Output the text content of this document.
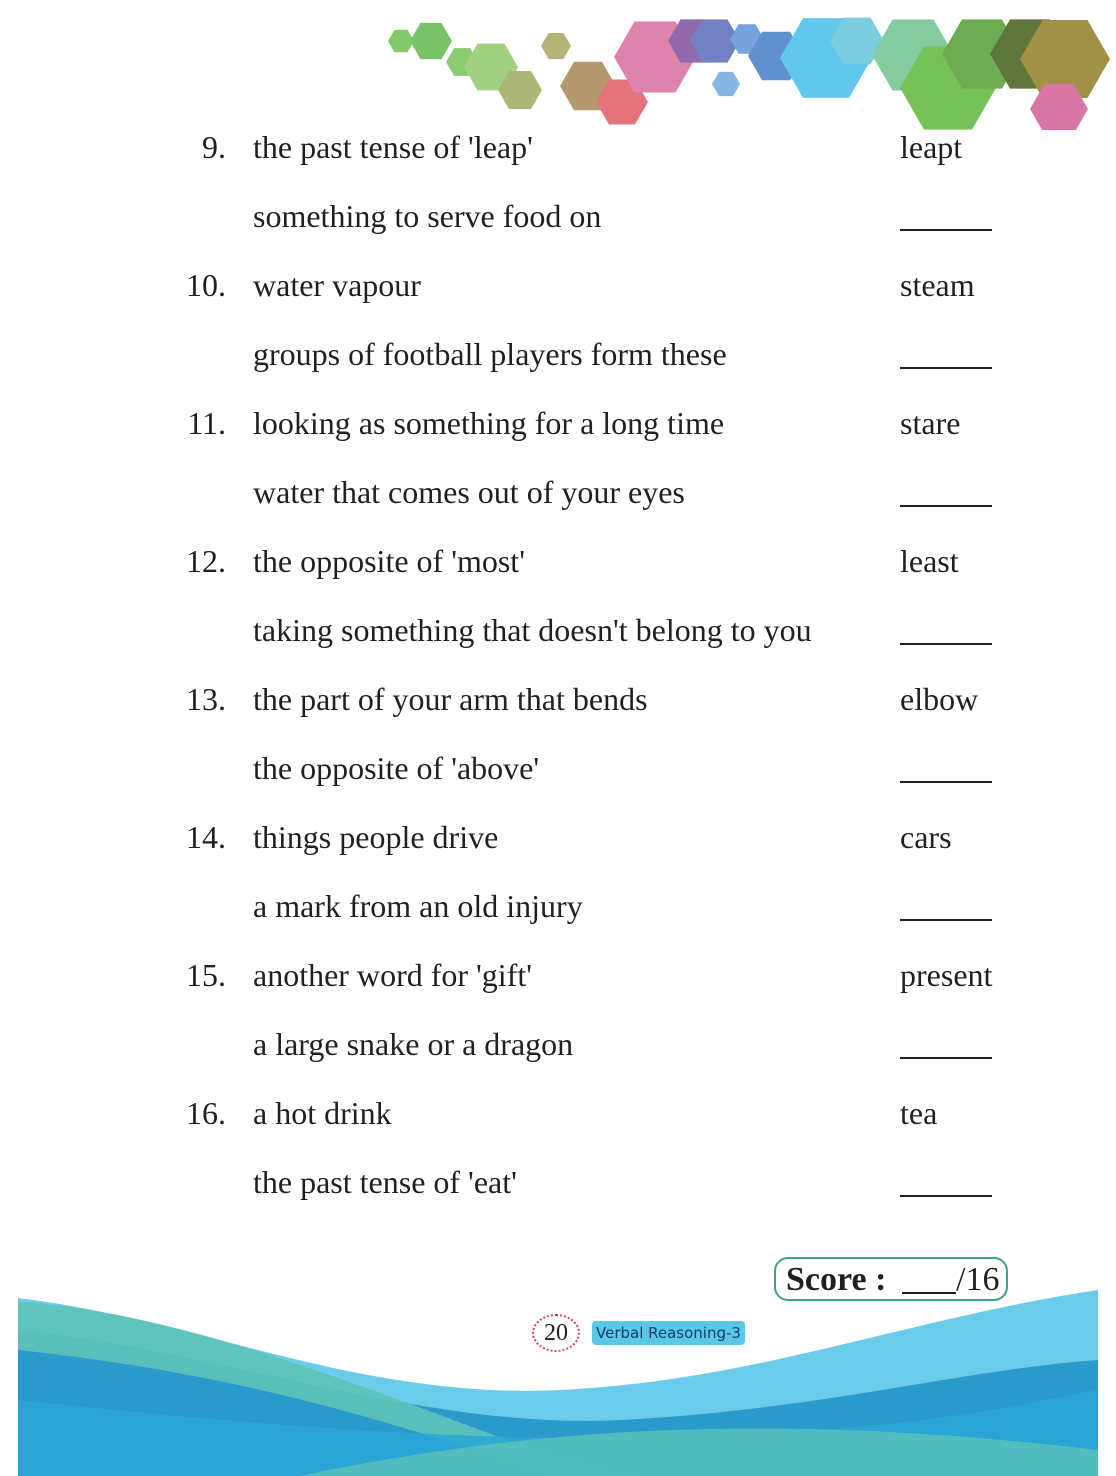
9. the past tense of 'leap'	leapt
something to serve food on
10. water vapour	steam
groups of football players form these
11. looking as something for a long time	stare
water that comes out of your eyes
12. the opposite of 'most'	least
taking something that doesn't belong to you
13. the part of your arm that bends	elbow
the opposite of 'above'
14. things people drive	cars
a mark from an old injury
15. another word for 'gift'	present
a large snake or a dragon
16. a hot drink	tea
the past tense of 'eat'
Score : /16
20	Verbal Reasoning-3
